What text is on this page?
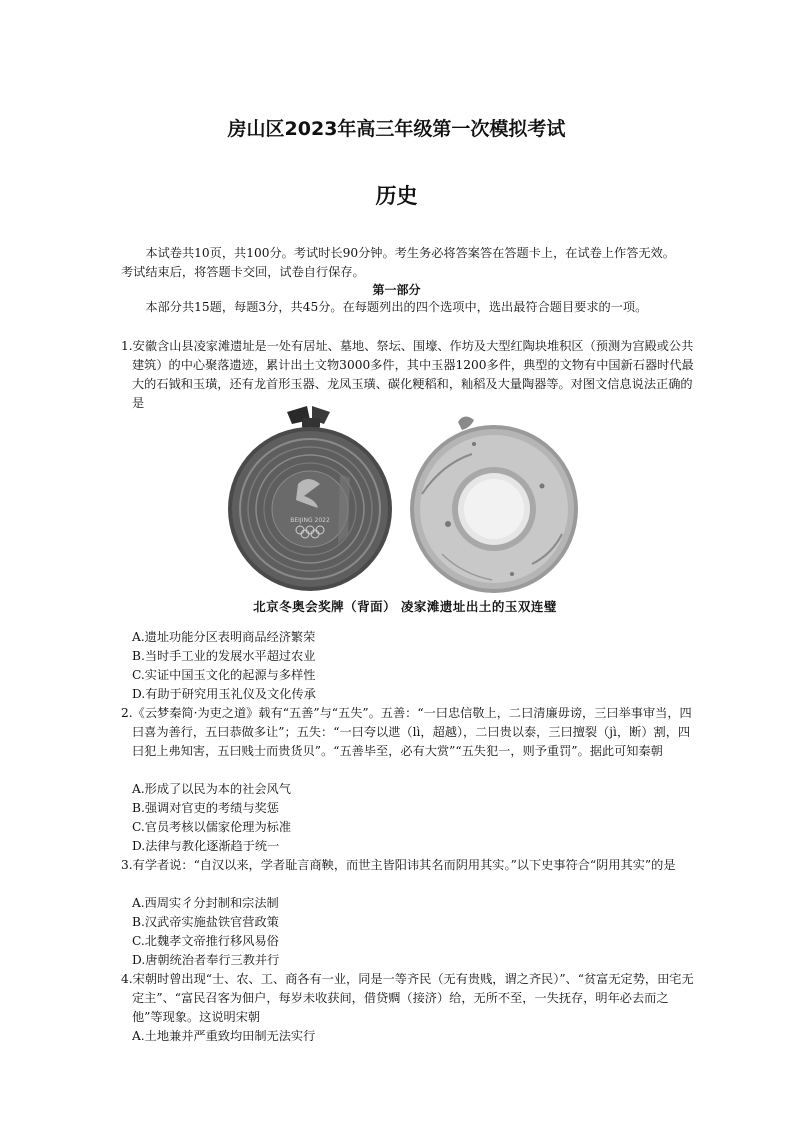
房山区2023年高三年级第一次模拟考试
历史
本试卷共10页，共100分。考试时长90分钟。考生务必将答案答在答题卡上，在试卷上作答无效。考试结束后，将答题卡交回，试卷自行保存。
第一部分
本部分共15题，每题3分，共45分。在每题列出的四个选项中，选出最符合题目要求的一项。
1.安徽含山县凌家滩遗址是一处有居址、墓地、祭坛、围壕、作坊及大型红陶块堆积区（预测为宫殿或公共建筑）的中心聚落遗迹，累计出土文物3000多件，其中玉器1200多件，典型的文物有中国新石器时代最大的石钺和玉璜，还有龙首形玉器、龙凤玉璜、碳化粳稻和，籼稻及大量陶器等。对图文信息说法正确的是
BEIJING 2022
北京冬奥会奖牌（背面） 凌家滩遗址出土的玉双连璧
A.遗址功能分区表明商品经济繁荣
B.当时手工业的发展水平超过农业
C.实证中国玉文化的起源与多样性
D.有助于研究用玉礼仪及文化传承
2.《云梦秦简·为吏之道》载有“五善”与“五失”。五善：“一曰忠信敬上，二曰清廉毋谤，三曰举事审当，四曰喜为善行，五曰恭做多让”；五失：“一曰夸以迣（lì，超越），二曰贵以泰，三曰擅裂（jì，断）割，四曰犯上弗知害，五曰贱士而贵货贝”。“五善毕至，必有大赏”“五失犯一，则予重罚”。据此可知秦朝
A.形成了以民为本的社会风气
B.强调对官吏的考绩与奖惩
C.官员考核以儒家伦理为标准
D.法律与教化逐渐趋于统一
3.有学者说：“自汉以来，学者耻言商鞅，而世主皆阳讳其名而阴用其实。”以下史事符合“阴用其实”的是
A.西周实彳分封制和宗法制
B.汉武帝实施盐铁官营政策
C.北魏孝文帝推行移风易俗
D.唐朝统治者奉行三教并行
4.宋朝时曾出现“士、农、工、商各有一业，同是一等齐民（无有贵贱，谓之齐民）”、“贫富无定势，田宅无定主”、“富民召客为佃户，每岁未收获间，借贷赒（接济）给，无所不至，一失抚存，明年必去而之他”等现象。这说明宋朝
A.土地兼并严重致均田制无法实行
